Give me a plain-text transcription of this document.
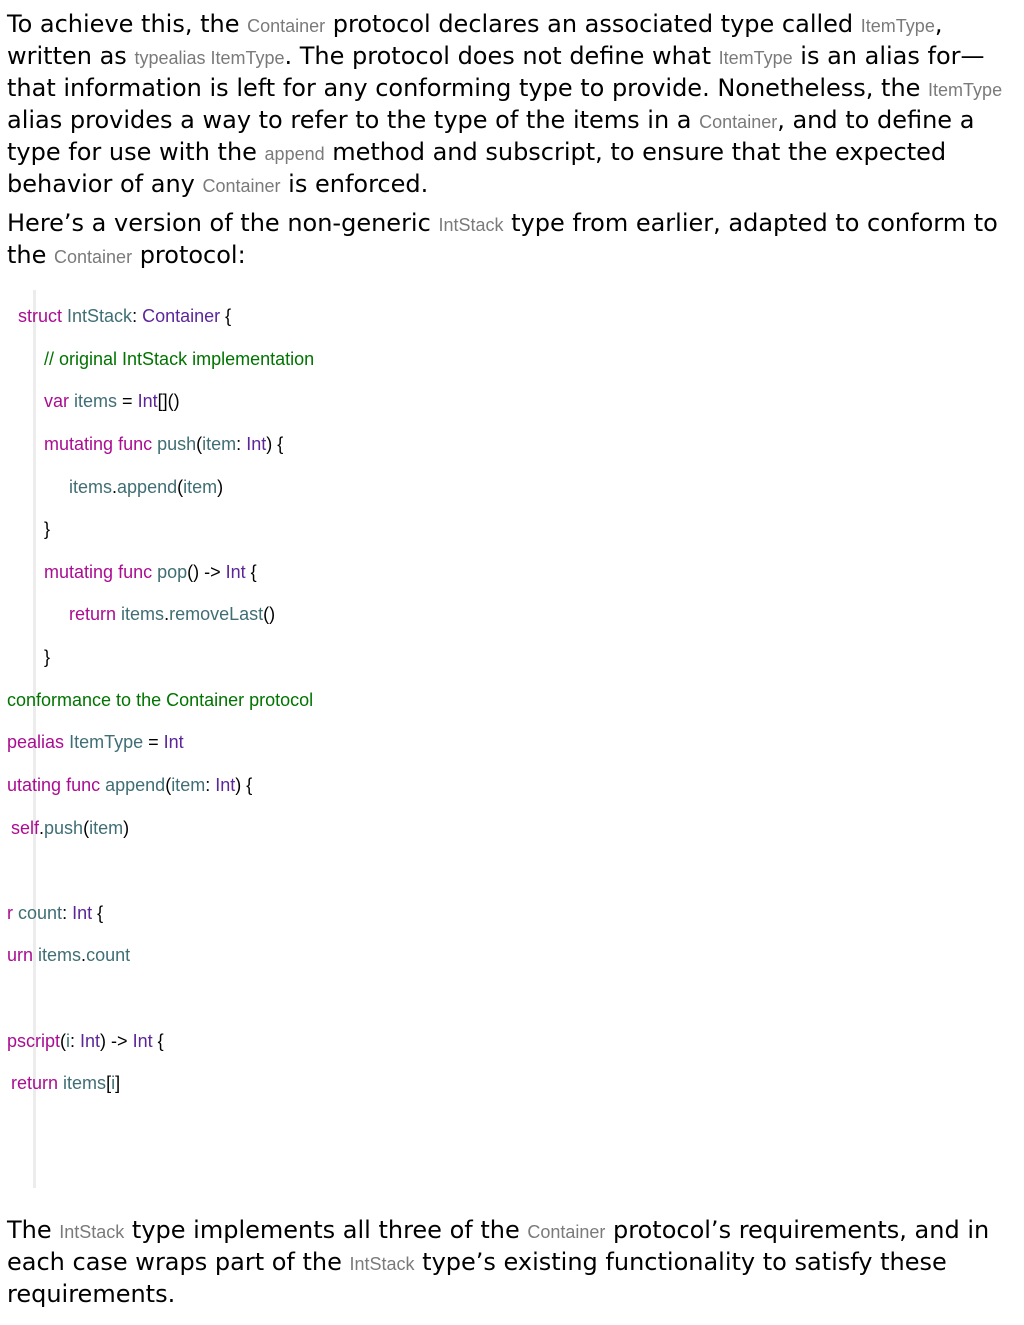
To achieve this, the Container protocol declares an associated type called ItemType, written as typealias ItemType. The protocol does not define what ItemType is an alias for—that information is left for any conforming type to provide. Nonetheless, the ItemType alias provides a way to refer to the type of the items in a Container, and to define a type for use with the append method and subscript, to ensure that the expected behavior of any Container is enforced.

Here’s a version of the non-generic IntStack type from earlier, adapted to conform to the Container protocol:

struct IntStack: Container {
// original IntStack implementation
var items = Int[]()
mutating func push(item: Int) {
items.append(item)
}
mutating func pop() -> Int {
return items.removeLast()
}
conformance to the Container protocol
pealias ItemType = Int
utating func append(item: Int) {
self.push(item)
r count: Int {
urn items.count
pscript(i: Int) -> Int {
return items[i]

The IntStack type implements all three of the Container protocol’s requirements, and in each case wraps part of the IntStack type’s existing functionality to satisfy these requirements.
